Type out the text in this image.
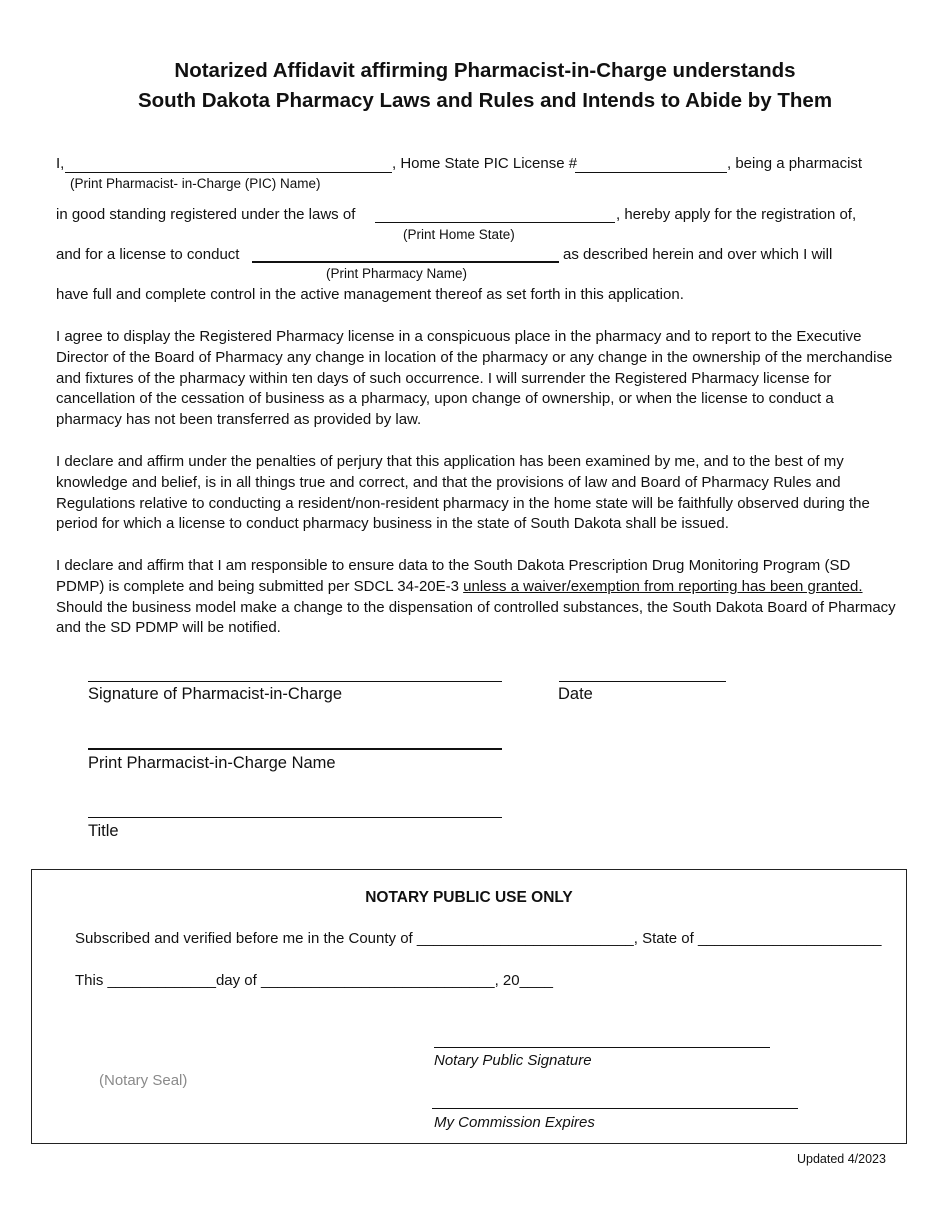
Notarized Affidavit affirming Pharmacist-in-Charge understands
South Dakota Pharmacy Laws and Rules and Intends to Abide by Them
I,	, Home State PIC License #	, being a pharmacist
(Print Pharmacist- in-Charge (PIC) Name)
in good standing registered under the laws of	, hereby apply for the registration of,
(Print Home State)
and for a license to conduct	as described herein and over which I will
(Print Pharmacy Name)
have full and complete control in the active management thereof as set forth in this application.

I agree to display the Registered Pharmacy license in a conspicuous place in the pharmacy and to report to the Executive Director of the Board of Pharmacy any change in location of the pharmacy or any change in the ownership of the merchandise and fixtures of the pharmacy within ten days of such occurrence. I will surrender the Registered Pharmacy license for cancellation of the cessation of business as a pharmacy, upon change of ownership, or when the license to conduct a pharmacy has not been transferred as provided by law.

I declare and affirm under the penalties of perjury that this application has been examined by me, and to the best of my knowledge and belief, is in all things true and correct, and that the provisions of law and Board of Pharmacy Rules and Regulations relative to conducting a resident/non-resident pharmacy in the home state will be faithfully observed during the period for which a license to conduct pharmacy business in the state of South Dakota shall be issued.

I declare and affirm that I am responsible to ensure data to the South Dakota Prescription Drug Monitoring Program (SD PDMP) is complete and being submitted per SDCL 34-20E-3 unless a waiver/exemption from reporting has been granted. Should the business model make a change to the dispensation of controlled substances, the South Dakota Board of Pharmacy and the SD PDMP will be notified.

Signature of Pharmacist-in-Charge	Date
Print Pharmacist-in-Charge Name
Title
NOTARY PUBLIC USE ONLY
Subscribed and verified before me in the County of __________________________, State of ______________________
This _____________day of ____________________________, 20____
Notary Public Signature
(Notary Seal)
My Commission Expires
Updated 4/2023
